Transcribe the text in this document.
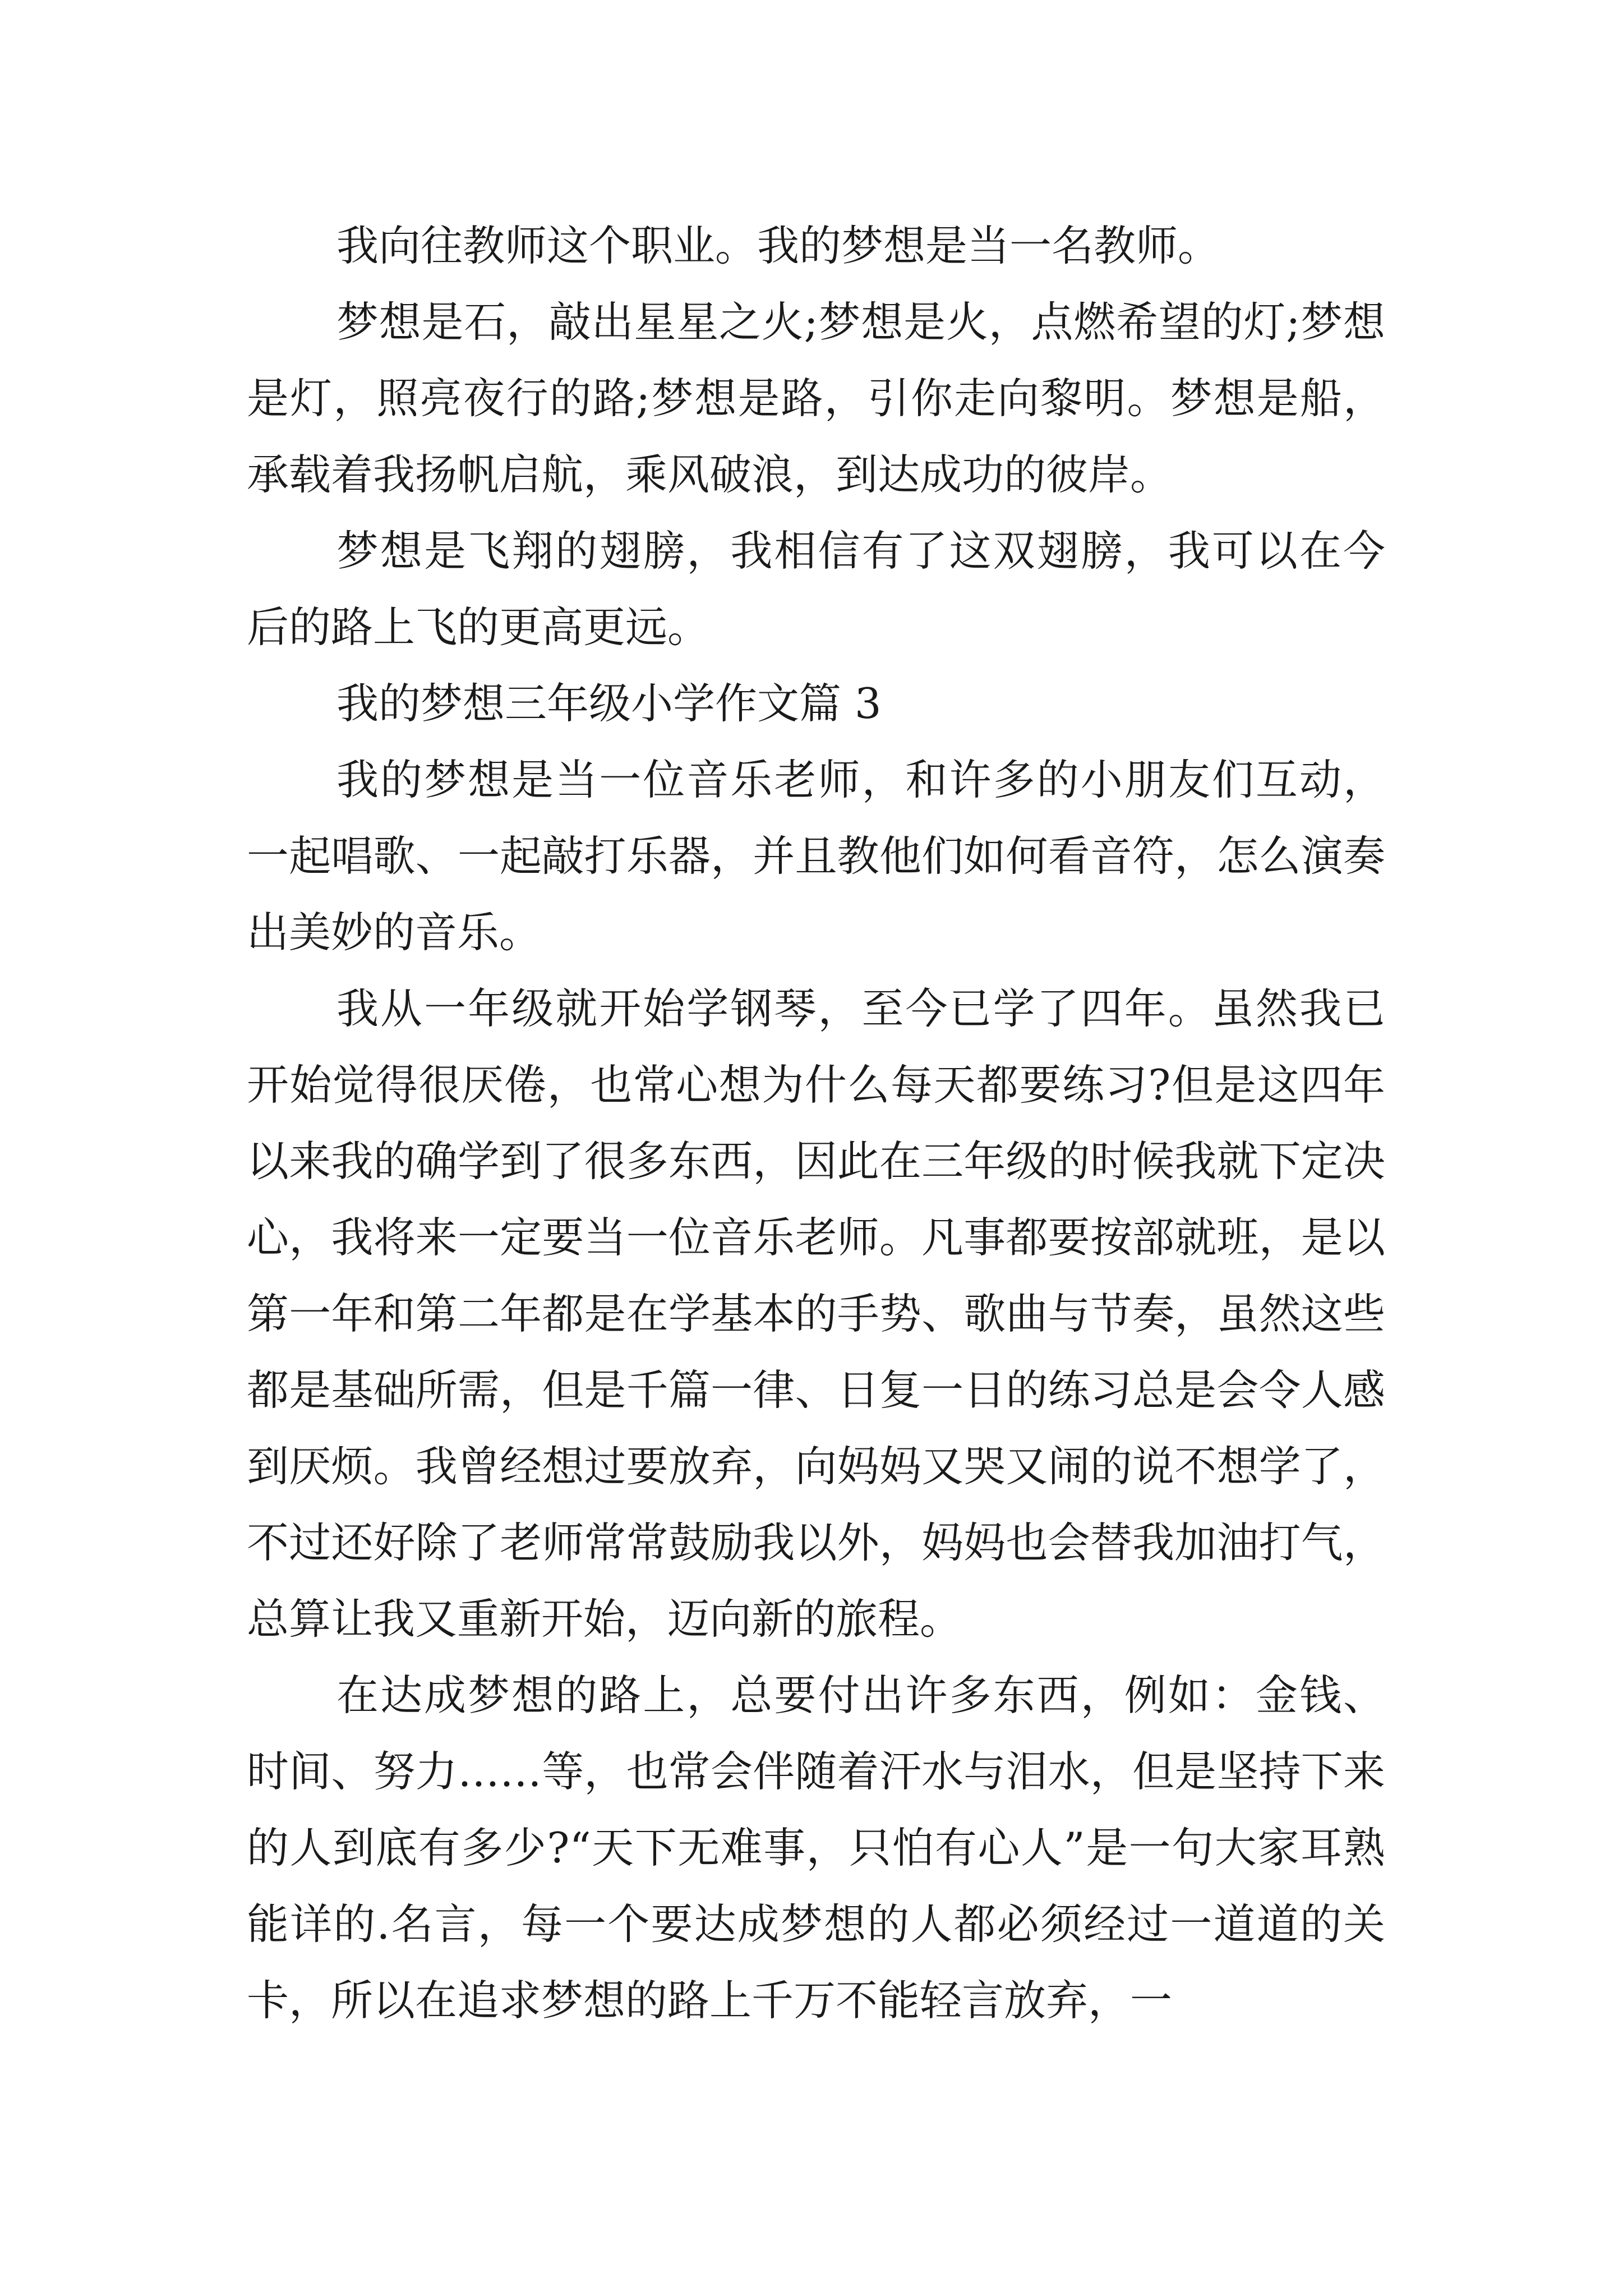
我向往教师这个职业。我的梦想是当一名教师。

梦想是石，敲出星星之火;梦想是火，点燃希望的灯;梦想是灯，照亮夜行的路;梦想是路，引你走向黎明。梦想是船，承载着我扬帆启航，乘风破浪，到达成功的彼岸。

梦想是飞翔的翅膀，我相信有了这双翅膀，我可以在今后的路上飞的更高更远。

我的梦想三年级小学作文篇 3

我的梦想是当一位音乐老师，和许多的小朋友们互动，一起唱歌、一起敲打乐器，并且教他们如何看音符，怎么演奏出美妙的音乐。

我从一年级就开始学钢琴，至今已学了四年。虽然我已开始觉得很厌倦，也常心想为什么每天都要练习?但是这四年以来我的确学到了很多东西，因此在三年级的时候我就下定决心，我将来一定要当一位音乐老师。凡事都要按部就班，是以第一年和第二年都是在学基本的手势、歌曲与节奏，虽然这些都是基础所需，但是千篇一律、日复一日的练习总是会令人感到厌烦。我曾经想过要放弃，向妈妈又哭又闹的说不想学了，不过还好除了老师常常鼓励我以外，妈妈也会替我加油打气，总算让我又重新开始，迈向新的旅程。

在达成梦想的路上，总要付出许多东西，例如：金钱、时间、努力……等，也常会伴随着汗水与泪水，但是坚持下来的人到底有多少?“天下无难事，只怕有心人”是一句大家耳熟能详的.名言，每一个要达成梦想的人都必须经过一道道的关卡，所以在追求梦想的路上千万不能轻言放弃，一
